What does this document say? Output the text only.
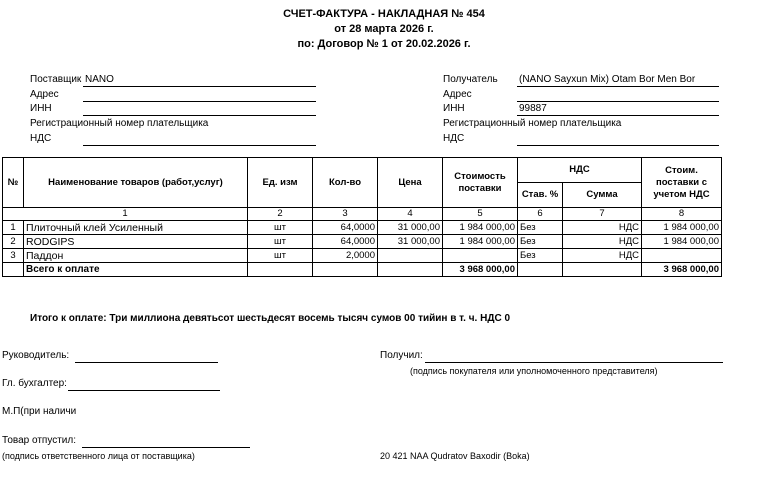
СЧЕТ-ФАКТУРА - НАКЛАДНАЯ № 454
от 28 марта 2026 г.
по: Договор № 1 от 20.02.2026 г.
Поставщик NANO
Адрес
ИНН
Регистрационный номер плательщика
НДС
Получатель (NANO Sayxun Mix) Otam Bor Men Bor
Адрес
ИНН	99887
Регистрационный номер плательщика
НДС
№	Наименование товаров (работ,услуг)	Ед. изм	Кол-во	Цена	Стоимость поставки	НДС		Стоим. поставки с учетом НДС
						Став. %	Сумма	
1		2	3	4	5	6	7	8
1	Плиточный клей Усиленный	шт	64,0000	31 000,00	1 984 000,00	Без	НДС	1 984 000,00
2	RODGIPS	шт	64,0000	31 000,00	1 984 000,00	Без	НДС	1 984 000,00
3	Паддон	шт	2,0000			Без	НДС	
	Всего к оплате				3 968 000,00			3 968 000,00
Итого к оплате: Три миллиона девятьсот шестьдесят восемь тысяч сумов 00 тийин в т. ч. НДС 0
Руководитель:
Гл. бухгалтер:
М.П(при наличи
Товар отпустил:
(подпись ответственного лица от поставщика)
Получил:
(подпись покупателя или уполномоченного представителя)
20 421 NAA Qudratov Baxodir (Boka)
